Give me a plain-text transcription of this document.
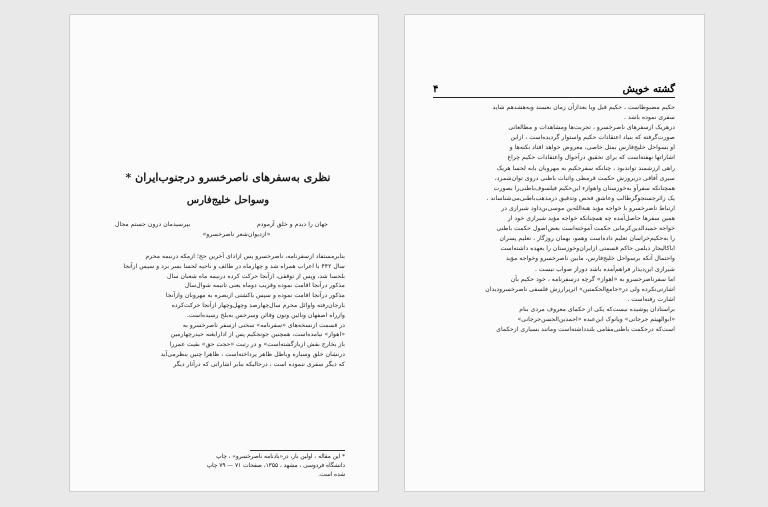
نظری به‌سفرهای ناصرخسرو درجنوب‌ایران *
وسواحل خلیج‌فارس
جهان را دیدم و خلق آزمودم
بپرسیدمان درون جستم مجال
«ازدیوان‌شعر ناصرخسرو»

بنابرمستفاد ازسفرنامه، ناصرخسرو پس ازادای آخرین حج؛ ازمکه درنیمه محرم

سال ۴۴۲ با اعراب همراه شد و چهارماه در طائف و ناحیه لحسا بسر برد و سپس ازآنجا

بلحسا شد، وپس از توقفی، ازآنجا حرکت کرده درنیمه ماه شعبان سال

مذکور درآنجا اقامت نموده وقریب دوماه یعنی تانیمه شوال‌سال

مذکور درآنجا اقامت نموده و سپس باکشتی ازبصره به مهروبان وازآنجا

بارجان‌رفته واوائل محرم سال‌چهارصد وچهل‌وچهار ازآنجا حرکت‌کرده

وازراه اصفهان ونائین وتون وقائن وسرخس به‌بلخ رسیده‌است.

در قسمت ازنسخه‌های «سفرنامه» سخنی ازسفر ناصرخسرو به

«اهواز» نیامده‌است، همچنین جونجکیم پس از ادارابغنه حیدرچهارمین

باز بخارج بقش ازبازگشته‌است» و در رتبت «حجت حق» بقیت عمررا

درنشان خلق وسباره وباطل ظاهر پرداخته‌است ، ظاهرا چنین بنظرمی‌آید

که دیگر سفری ننموده است ، درحالیکه بنابر اشاراتی که درآثار دیگر

* این مقاله ، اولین بار، در«یادنامه ناصرخسرو» ، چاپ
دانشگاه فردوسی ، مشهد ، ۱۳۵۵، صفحات ۷۱ — ۷۹ چاپ
شده است.
۴	گشته خویش

حکیم مضبوطاست ، حکیم قبل ویا بعدازآن زمان بعسند ویه‌هشدهم شاید

سفری نموده باشد .

درهریک ازسفرهای ناصرخسرو ، تجربت‌ها ومشاهدات و مطالعاتی

صورت‌گرفته که بنیاد اعتقادات حکیم واستوار گردیده‌است ، ازاین

او بسواحل خلیج‌فارس بمثل خاصی، معروض خواهد افتاد نکته‌ها و

اشاراتها نهفته‌است که برای تحقیق درآحوال واعتقادات حکیم چراغ

راهی ارزشمند تواندبود ، چنانکه سفرحکیم به مهروبان بابه لحسا هریک

سیری آفاقی دربرورش حکمت قرمطی واثبات باطنی دروی توان‌شمرد،

همچنانکه سفرآو به‌خوزستان واهوازء این‌حکیم فیلسوف‌باطنی‌را بصورت

یک زائرجستجوگرطالب وعاشق فحص وتدقیق درمذهب‌باطنی‌می‌شناساند .

ارتباط ناصرخسرو با خواجه مؤید هبةالله‌بن موسی‌بن‌داود شیرازی در

همین سفرها حاصل‌آمده چه همچنانکه خواجه مؤید شیرازی خود از

خواجه حمیدالدین‌کرمانی حکمت آموخته‌است بعض‌اصول حکمت باطنی

را به‌حکیم‌خراسان تعلیم داده‌است وهمو، بهمان روزگار ، تعلیم پسران

اباکالیجار دیلمی حاکم قسمتی ازایران‌وخوزستان را بعهده داشته‌است

واحتمال آنکه برسواحل خلیج‌فارس، مابین ناصرخسرو وخواجه مؤید

شیرازی این‌دیدار فراهم‌آمده باشد دوراز صواب نیست .

اما سفرناصرخسرو به «اهواز» گرچه درسفرنامه ، خود حکیم بآن

اشارتی‌نکرده ولی در«جامع‌الحکمتین» اثرپرارزش فلسفی ناصرخسرودیدان

اشارت رفته‌است .

براستادان پوشیده نیست‌که یکی از حکمای معروف مردی بنام

«ابوالهیثم جرجانی» ویانوک ابن‌عبده «احمدبن‌الحسن‌جرجانی»

است‌که درحکمت باطنی‌مقامی بلند‌داشته‌است ومانند بسیاری ازحکمای
